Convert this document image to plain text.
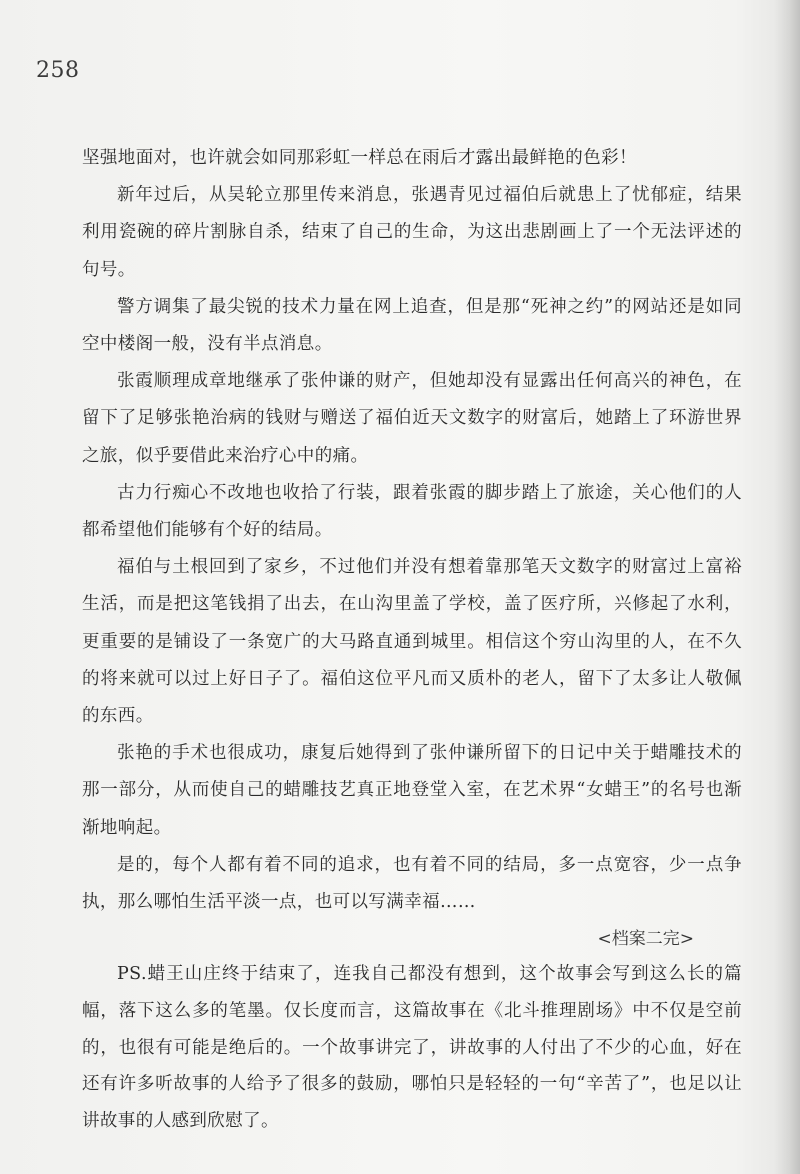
258

坚强地面对，也许就会如同那彩虹一样总在雨后才露出最鲜艳的色彩！

新年过后，从吴轮立那里传来消息，张遇青见过福伯后就患上了忧郁症，结果利用瓷碗的碎片割脉自杀，结束了自己的生命，为这出悲剧画上了一个无法评述的句号。

警方调集了最尖锐的技术力量在网上追查，但是那“死神之约”的网站还是如同空中楼阁一般，没有半点消息。

张霞顺理成章地继承了张仲谦的财产，但她却没有显露出任何高兴的神色，在留下了足够张艳治病的钱财与赠送了福伯近天文数字的财富后，她踏上了环游世界之旅，似乎要借此来治疗心中的痛。

古力行痴心不改地也收拾了行装，跟着张霞的脚步踏上了旅途，关心他们的人都希望他们能够有个好的结局。

福伯与土根回到了家乡，不过他们并没有想着靠那笔天文数字的财富过上富裕生活，而是把这笔钱捐了出去，在山沟里盖了学校，盖了医疗所，兴修起了水利，更重要的是铺设了一条宽广的大马路直通到城里。相信这个穷山沟里的人，在不久的将来就可以过上好日子了。福伯这位平凡而又质朴的老人，留下了太多让人敬佩的东西。

张艳的手术也很成功，康复后她得到了张仲谦所留下的日记中关于蜡雕技术的那一部分，从而使自己的蜡雕技艺真正地登堂入室，在艺术界“女蜡王”的名号也渐渐地响起。

是的，每个人都有着不同的追求，也有着不同的结局，多一点宽容，少一点争执，那么哪怕生活平淡一点，也可以写满幸福……

<档案二完>

PS.蜡王山庄终于结束了，连我自己都没有想到，这个故事会写到这么长的篇幅，落下这么多的笔墨。仅长度而言，这篇故事在《北斗推理剧场》中不仅是空前的，也很有可能是绝后的。一个故事讲完了，讲故事的人付出了不少的心血，好在还有许多听故事的人给予了很多的鼓励，哪怕只是轻轻的一句“辛苦了”，也足以让讲故事的人感到欣慰了。
